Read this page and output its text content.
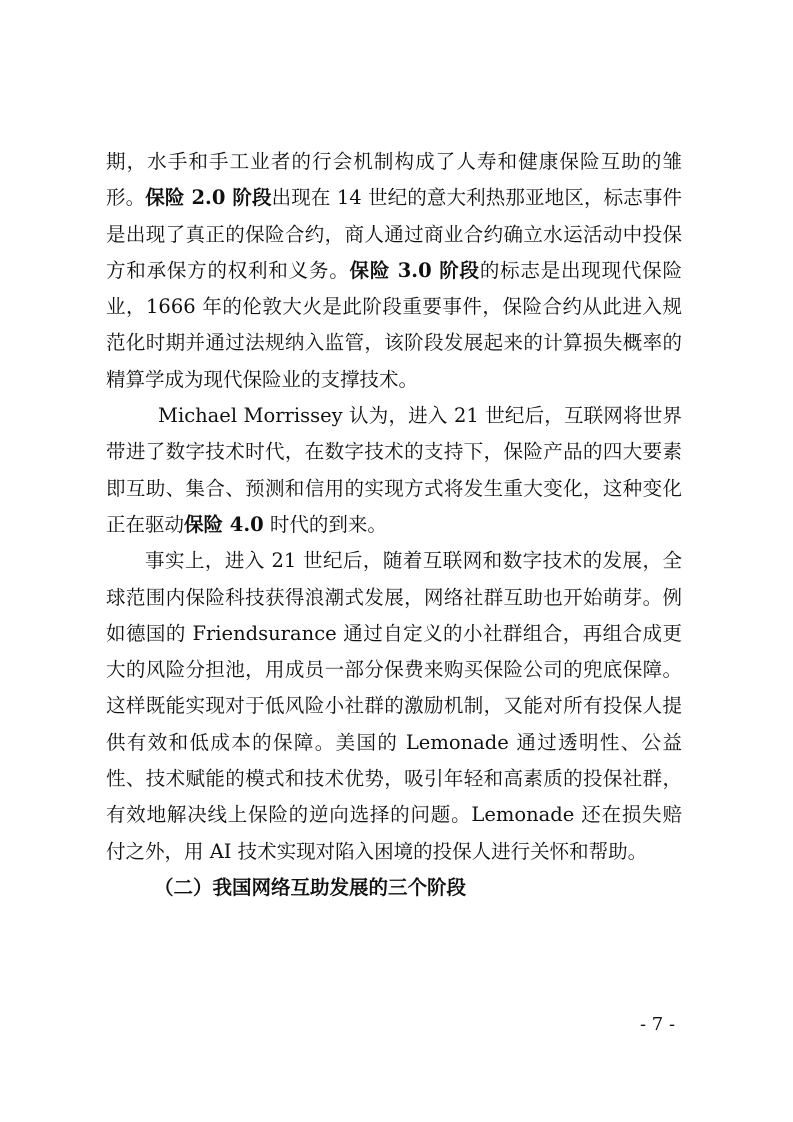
期，水手和手工业者的行会机制构成了人寿和健康保险互助的雏形。保险 2.0 阶段出现在 14 世纪的意大利热那亚地区，标志事件是出现了真正的保险合约，商人通过商业合约确立水运活动中投保方和承保方的权利和义务。保险 3.0 阶段的标志是出现现代保险业，1666 年的伦敦大火是此阶段重要事件，保险合约从此进入规范化时期并通过法规纳入监管，该阶段发展起来的计算损失概率的精算学成为现代保险业的支撑技术。

Michael Morrissey 认为，进入 21 世纪后，互联网将世界带进了数字技术时代，在数字技术的支持下，保险产品的四大要素即互助、集合、预测和信用的实现方式将发生重大变化，这种变化正在驱动保险 4.0 时代的到来。

事实上，进入 21 世纪后，随着互联网和数字技术的发展，全球范围内保险科技获得浪潮式发展，网络社群互助也开始萌芽。例如德国的 Friendsurance 通过自定义的小社群组合，再组合成更大的风险分担池，用成员一部分保费来购买保险公司的兜底保障。这样既能实现对于低风险小社群的激励机制，又能对所有投保人提供有效和低成本的保障。美国的 Lemonade 通过透明性、公益性、技术赋能的模式和技术优势，吸引年轻和高素质的投保社群，有效地解决线上保险的逆向选择的问题。Lemonade 还在损失赔付之外，用 AI 技术实现对陷入困境的投保人进行关怀和帮助。

（二）我国网络互助发展的三个阶段

- 7 -
